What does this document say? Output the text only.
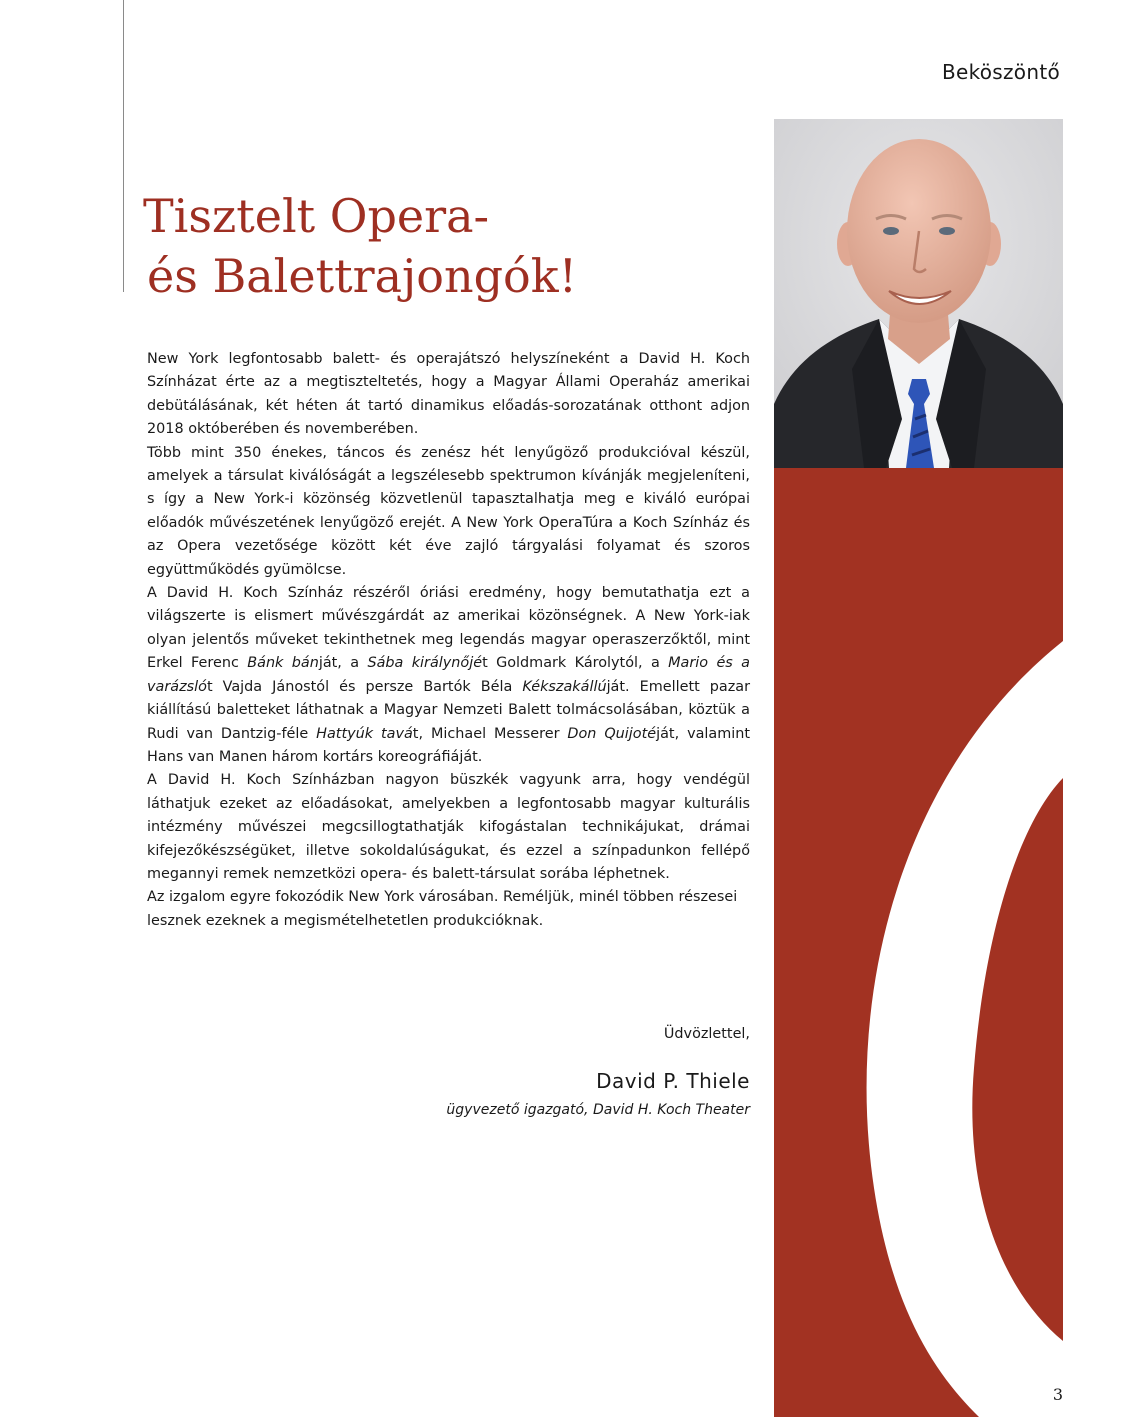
Beköszöntő
Tisztelt Opera-
és Balettrajongók!

New York legfontosabb balett- és operajátszó helyszíneként a David H. Koch Színházat érte az a megtiszteltetés, hogy a Magyar Állami Operaház amerikai debütálásának, két héten át tartó dinamikus előadás-sorozatának otthont adjon 2018 októberében és novemberében.

Több mint 350 énekes, táncos és zenész hét lenyűgöző produkcióval készül, amelyek a társulat kiválóságát a legszélesebb spektrumon kívánják megjeleníteni, s így a New York-i közönség közvetlenül tapasztalhatja meg e kiváló európai előadók művészetének lenyűgöző erejét. A New York OperaTúra a Koch Színház és az Opera vezetősége között két éve zajló tárgyalási folyamat és szoros együttműködés gyümölcse.

A David H. Koch Színház részéről óriási eredmény, hogy bemutathatja ezt a világszerte is elismert művészgárdát az amerikai közönségnek. A New York-iak olyan jelentős műveket tekinthetnek meg legendás magyar operaszerzőktől, mint Erkel Ferenc Bánk bánját, a Sába királynőjét Goldmark Károlytól, a Mario és a varázslót Vajda Jánostól és persze Bartók Béla Kékszakállúját. Emellett pazar kiállítású baletteket láthatnak a Magyar Nemzeti Balett tolmácsolásában, köztük a Rudi van Dantzig-féle Hattyúk tavát, Michael Messerer Don Quijotéját, valamint Hans van Manen három kortárs koreográfiáját.

A David H. Koch Színházban nagyon büszkék vagyunk arra, hogy vendégül láthatjuk ezeket az előadásokat, amelyekben a legfontosabb magyar kulturális intézmény művészei megcsillogtathatják kifogástalan technikájukat, drámai kifejezőkészségüket, illetve sokoldalúságukat, és ezzel a színpadunkon fellépő megannyi remek nemzetközi opera- és balett-társulat sorába léphetnek.

Az izgalom egyre fokozódik New York városában. Reméljük, minél többen részesei lesznek ezeknek a megismételhetetlen produkcióknak.

Üdvözlettel,
David P. Thiele
ügyvezető igazgató, David H. Koch Theater
3
